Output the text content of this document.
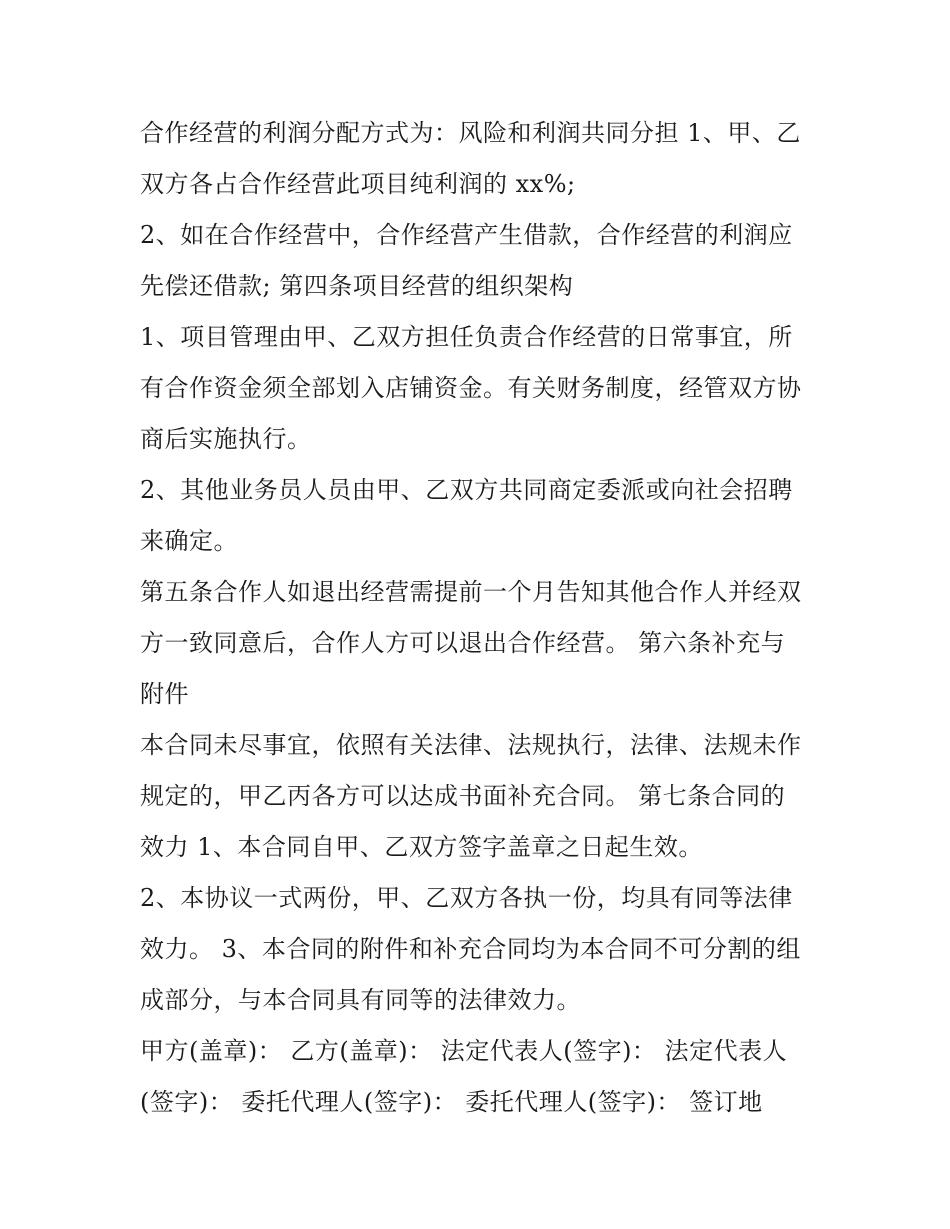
合作经营的利润分配方式为：风险和利润共同分担 1、甲、乙
双方各占合作经营此项目纯利润的 xx%;
2、如在合作经营中，合作经营产生借款，合作经营的利润应
先偿还借款; 第四条项目经营的组织架构
1、项目管理由甲、乙双方担任负责合作经营的日常事宜，所
有合作资金须全部划入店铺资金。有关财务制度，经管双方协
商后实施执行。
2、其他业务员人员由甲、乙双方共同商定委派或向社会招聘
来确定。
第五条合作人如退出经营需提前一个月告知其他合作人并经双
方一致同意后，合作人方可以退出合作经营。 第六条补充与
附件
本合同未尽事宜，依照有关法律、法规执行，法律、法规未作
规定的，甲乙丙各方可以达成书面补充合同。 第七条合同的
效力 1、本合同自甲、乙双方签字盖章之日起生效。
2、本协议一式两份，甲、乙双方各执一份，均具有同等法律
效力。 3、本合同的附件和补充合同均为本合同不可分割的组
成部分，与本合同具有同等的法律效力。
甲方(盖章)： 乙方(盖章)： 法定代表人(签字)： 法定代表人
(签字)： 委托代理人(签字)： 委托代理人(签字)： 签订地
